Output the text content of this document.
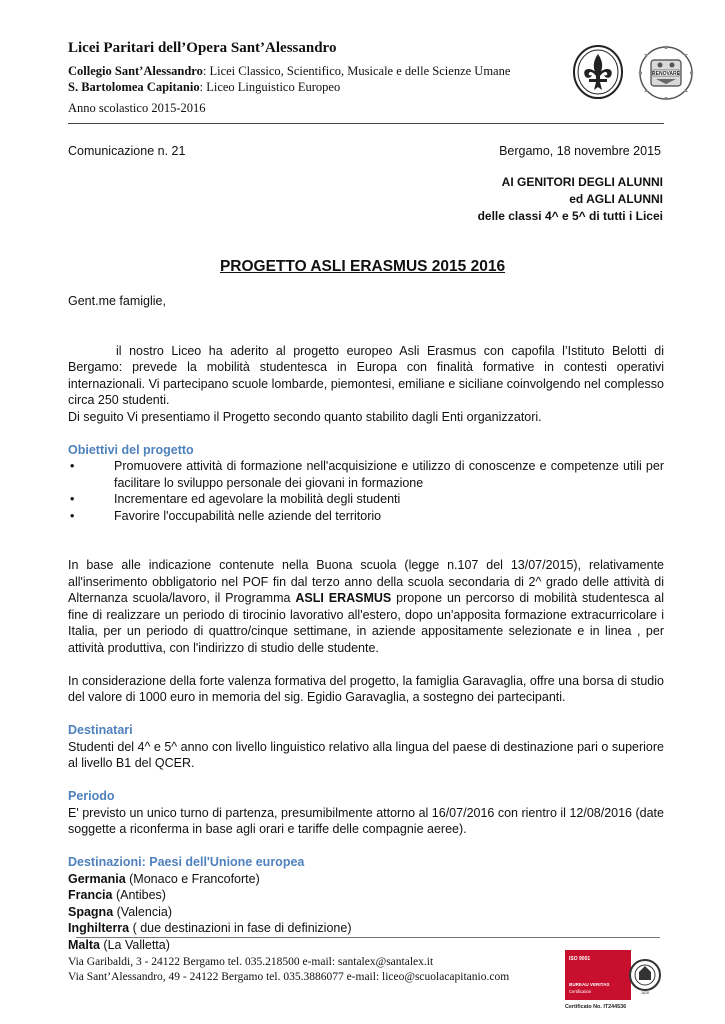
Licei Paritari dell’Opera Sant’Alessandro
Collegio Sant’Alessandro: Licei Classico, Scientifico, Musicale e delle Scienze Umane
S. Bartolomea Capitanio: Liceo Linguistico Europeo
Anno scolastico 2015-2016
RENOVARE
Comunicazione n. 21	Bergamo, 18 novembre 2015
AI GENITORI DEGLI ALUNNI
ed AGLI ALUNNI
delle classi 4^ e 5^ di tutti i Licei
PROGETTO ASLI ERASMUS 2015 2016

Gent.me famiglie,

il nostro Liceo ha aderito al progetto europeo Asli Erasmus con capofila l’Istituto Belotti di Bergamo: prevede la mobilità studentesca in Europa con finalità formative in contesti operativi internazionali. Vi partecipano scuole lombarde, piemontesi, emiliane e siciliane coinvolgendo nel complesso circa 250 studenti.

Di seguito Vi presentiamo il Progetto secondo quanto stabilito dagli Enti organizzatori.

Obiettivi del progetto

•	Promuovere attività di formazione nell'acquisizione e utilizzo di conoscenze e competenze utili per facilitare lo sviluppo personale dei giovani in formazione
•	Incrementare ed agevolare la mobilità degli studenti
•	Favorire l'occupabilità nelle aziende del territorio

In base alle indicazione contenute nella Buona scuola (legge n.107 del 13/07/2015), relativamente all'inserimento obbligatorio nel POF fin dal terzo anno della scuola secondaria di 2^ grado delle attività di Alternanza scuola/lavoro, il Programma ASLI ERASMUS propone un percorso di mobilità studentesca al fine di realizzare un periodo di tirocinio lavorativo all'estero, dopo un'apposita formazione extracurricolare i Italia, per un periodo di quattro/cinque settimane, in aziende appositamente selezionate e in linea , per attività produttiva, con l'indirizzo di studio delle studente.

In considerazione della forte valenza formativa del progetto, la famiglia Garavaglia, offre una borsa di studio del valore di 1000 euro in memoria del sig. Egidio Garavaglia, a sostegno dei partecipanti.

Destinatari

Studenti del 4^ e 5^ anno con livello linguistico relativo alla lingua del paese di destinazione pari o superiore al livello B1 del QCER.

Periodo

E' previsto un unico turno di partenza, presumibilmente attorno al 16/07/2016 con rientro il 12/08/2016 (date soggette a riconferma in base agli orari e tariffe delle compagnie aeree).

Destinazioni: Paesi dell'Unione europea

Germania (Monaco e Francoforte)

Francia (Antibes)

Spagna (Valencia)

Inghilterra ( due destinazioni in fase di definizione)

Malta (La Valletta)

Via Garibaldi, 3 - 24122 Bergamo tel. 035.218500 e-mail: santalex@santalex.it
Via Sant’Alessandro, 49 - 24122 Bergamo tel. 035.3886077 e-mail: liceo@scuolacapitanio.com
ISO 9001
BUREAU VERITAS
Certification	1828
Certificato No. IT244536
